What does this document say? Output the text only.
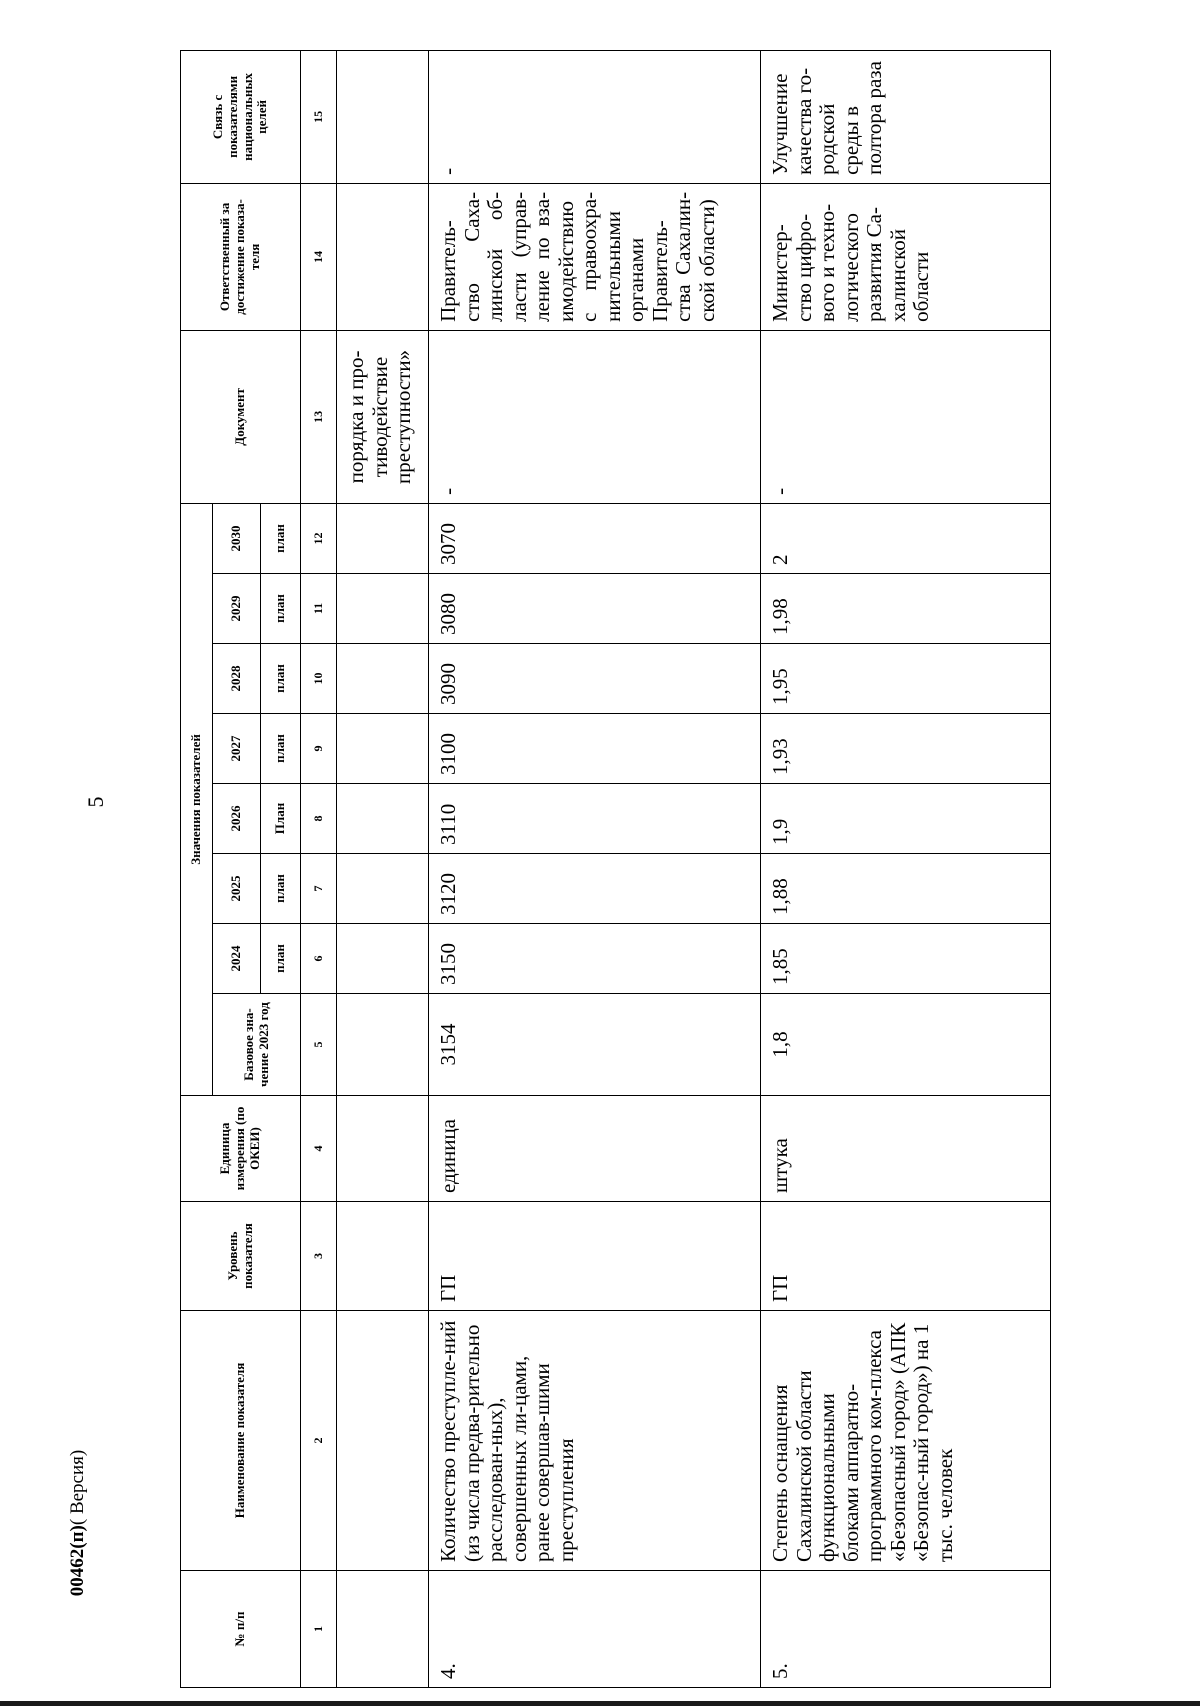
5
№ п/п	Наименование показателя	Уровень показателя	Единица измерения (по ОКЕИ)	Значения показателей								Документ	Ответственный за достижение показа-теля	Связь с показателями национальных целей
				Базовое зна-чение 2023 год	2024	2025	2026	2027	2028	2029	2030			
					план	план	План	план	план	план	план			
1	2	3	4	5	6	7	8	9	10	11	12	13	14	15
												порядка и про-тиводействие преступности»		
4.	Количество преступле-ний (из числа предва-рительно расследован-ных), совершенных ли-цами, ранее совершав-шими преступления	ГП	единица	3154	3150	3120	3110	3100	3090	3080	3070	-	Правитель-ство Саха-линской об-ласти (управ-ление по вза-имодействию с правоохра-нительными органами Правитель-ства Сахалин-ской области)	-
5.	Степень оснащения Сахалинской области функциональными блоками аппаратно-программного ком-плекса «Безопасный город» (АПК «Безопас-ный город») на 1 тыс. человек	ГП	штука	1,8	1,85	1,88	1,9	1,93	1,95	1,98	2	-	Министер-ство цифро-вого и техно-логического развития Са-халинской области	Улучшение качества го-родской среды в полтора раза
00462(п)( Версия)
